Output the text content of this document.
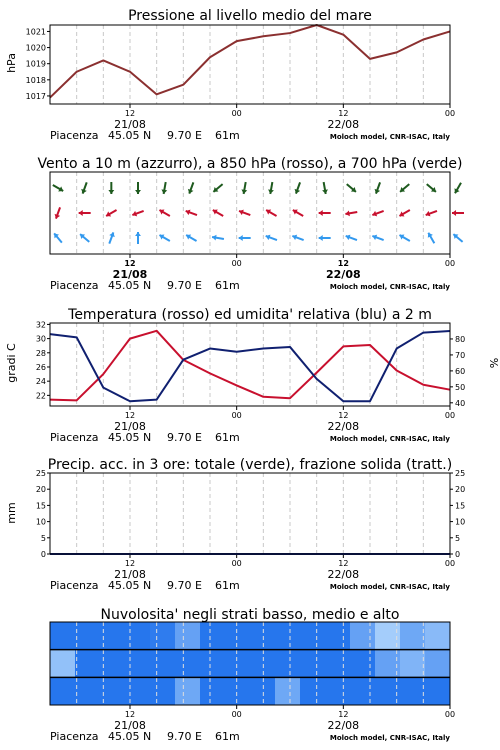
12
21/08
00	12
22/08
00
Piacenza 45.05 N 9.70 E 61m	Moloch model, CNR-ISAC, Italy
1017
1018
1019
1020
1021
12
21/08
00	12
22/08
00
Piacenza 45.05 N 9.70 E 61m	Moloch model, CNR-ISAC, Italy
12
21/08
00	12
22/08
00
Piacenza 45.05 N 9.70 E 61m	Moloch model, CNR-ISAC, Italy
22
24
26
28
30
32
40
50
60
70
80
12
21/08
00	12
22/08
00
Piacenza 45.05 N 9.70 E 61m	Moloch model, CNR-ISAC, Italy
0
5
10
15
20
25
0
5
10
15
20
25
12
21/08
00	12
22/08
00
Piacenza 45.05 N 9.70 E 61m	Moloch model, CNR-ISAC, Italy
Pressione al livello medio del mare
Vento a 10 m (azzurro), a 850 hPa (rosso), a 700 hPa (verde)
Temperatura (rosso) ed umidita' relativa (blu) a 2 m
Precip. acc. in 3 ore: totale (verde), frazione solida (tratt.)
Nuvolosita' negli strati basso, medio e alto
hPa
gradi C	%
mm
